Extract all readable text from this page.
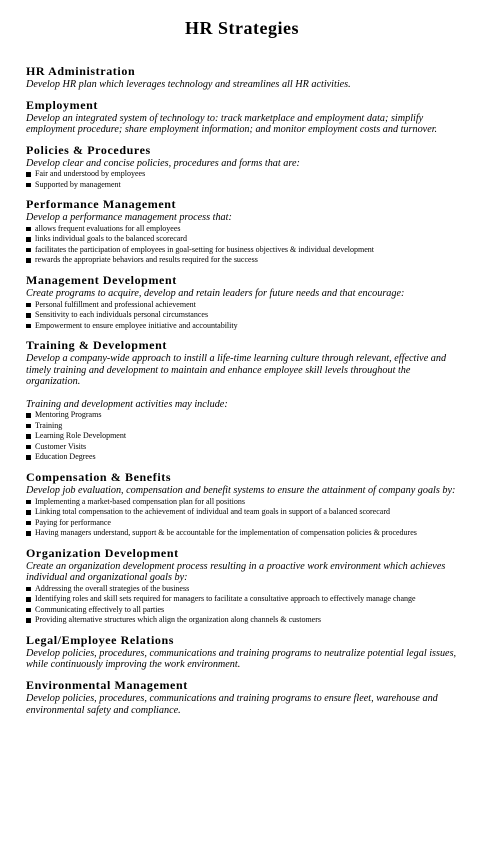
HR Strategies
HR Administration
Develop HR plan which leverages technology and streamlines all HR activities.
Employment
Develop an integrated system of technology to: track marketplace and employment data; simplify employment procedure; share employment information; and monitor employment costs and turnover.
Policies & Procedures
Develop clear and concise policies, procedures and forms that are:
Fair and understood by employees
Supported by management
Performance Management
Develop a performance management process that:
allows frequent evaluations for all employees
links individual goals to the balanced scorecard
facilitates the participation of employees in goal-setting for business objectives & individual development
rewards the appropriate behaviors and results required for the success
Management Development
Create programs to acquire, develop and retain leaders for future needs and that encourage:
Personal fulfillment and professional achievement
Sensitivity to each individuals personal circumstances
Empowerment to ensure employee initiative and accountability
Training & Development
Develop a company-wide approach to instill a life-time learning culture through relevant, effective and timely training and development to maintain and enhance employee skill levels throughout the organization.
Training and development activities may include:
Mentoring Programs
Training
Learning Role Development
Customer Visits
Education Degrees
Compensation & Benefits
Develop job evaluation, compensation and benefit systems to ensure the attainment of company goals by:
Implementing a market-based compensation plan for all positions
Linking total compensation to the achievement of individual and team goals in support of a balanced scorecard
Paying for performance
Having managers understand, support & be accountable for the implementation of compensation policies & procedures
Organization Development
Create an organization development process resulting in a proactive work environment which achieves individual and organizational goals by:
Addressing the overall strategies of the business
Identifying roles and skill sets required for managers to facilitate a consultative approach to effectively manage change
Communicating effectively to all parties
Providing alternative structures which align the organization along channels & customers
Legal/Employee Relations
Develop policies, procedures, communications and training programs to neutralize potential legal issues, while continuously improving the work environment.
Environmental Management
Develop policies, procedures, communications and training programs to ensure fleet, warehouse and environmental safety and compliance.
